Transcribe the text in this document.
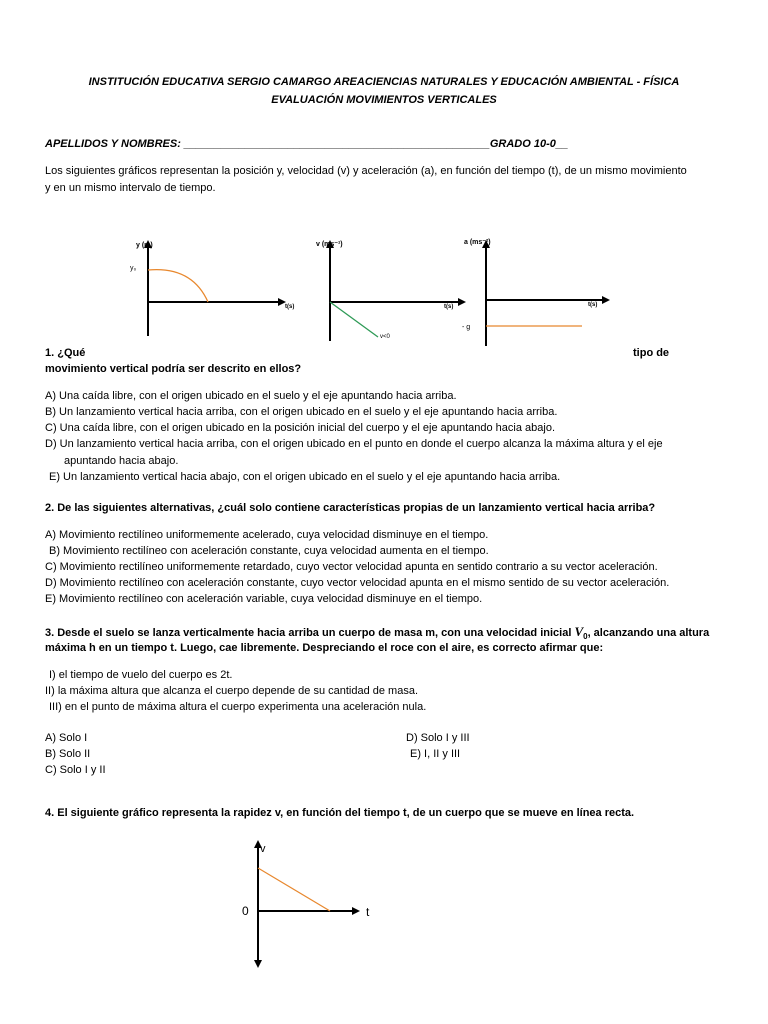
INSTITUCIÓN EDUCATIVA SERGIO CAMARGO AREACIENCIAS NATURALES Y EDUCACIÓN AMBIENTAL - FÍSICA
EVALUACIÓN MOVIMIENTOS VERTICALES
APELLIDOS Y NOMBRES: __________________________________________________GRADO 10-0__
Los siguientes gráficos representan la posición y, velocidad (v) y aceleración (a), en función del tiempo (t), de un mismo movimiento
y en un mismo intervalo de tiempo.
y (m)
y₀
t(s)
v (ms⁻¹)
t(s)
v<0
a (ms⁻²)
t(s)
- g
1. ¿Qué	tipo de
movimiento vertical podría ser descrito en ellos?
A) Una caída libre, con el origen ubicado en el suelo y el eje apuntando hacia arriba.
B) Un lanzamiento vertical hacia arriba, con el origen ubicado en el suelo y el eje apuntando hacia arriba.
C) Una caída libre, con el origen ubicado en la posición inicial del cuerpo y el eje apuntando hacia abajo.
D) Un lanzamiento vertical hacia arriba, con el origen ubicado en el punto en donde el cuerpo alcanza la máxima altura y el eje
apuntando hacia abajo.
E) Un lanzamiento vertical hacia abajo, con el origen ubicado en el suelo y el eje apuntando hacia arriba.
2. De las siguientes alternativas, ¿cuál solo contiene características propias de un lanzamiento vertical hacia arriba?
A) Movimiento rectilíneo uniformemente acelerado, cuya velocidad disminuye en el tiempo.
B) Movimiento rectilíneo con aceleración constante, cuya velocidad aumenta en el tiempo.
C) Movimiento rectilíneo uniformemente retardado, cuyo vector velocidad apunta en sentido contrario a su vector aceleración.
D) Movimiento rectilíneo con aceleración constante, cuyo vector velocidad apunta en el mismo sentido de su vector aceleración.
E) Movimiento rectilíneo con aceleración variable, cuya velocidad disminuye en el tiempo.
3. Desde el suelo se lanza verticalmente hacia arriba un cuerpo de masa m, con una velocidad inicial $V_0$, alcanzando una altura
máxima h en un tiempo t. Luego, cae libremente. Despreciando el roce con el aire, es correcto afirmar que:
I) el tiempo de vuelo del cuerpo es 2t.
II) la máxima altura que alcanza el cuerpo depende de su cantidad de masa.
III) en el punto de máxima altura el cuerpo experimenta una aceleración nula.
A) Solo I
B) Solo II
C) Solo I y II
D) Solo I y III
E) I, II y III
4. El siguiente gráfico representa la rapidez v, en función del tiempo t, de un cuerpo que se mueve en línea recta.
v
0	t
